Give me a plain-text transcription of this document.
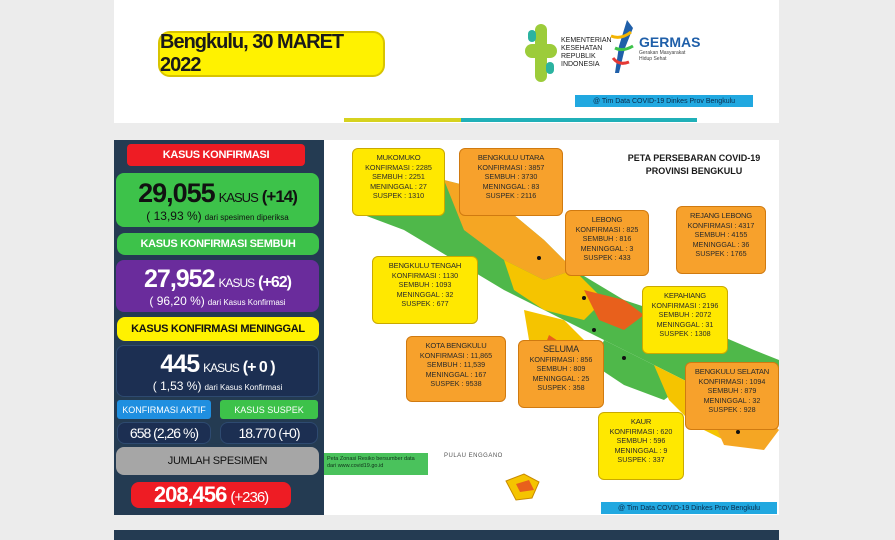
Bengkulu, 30 MARET 2022
KEMENTERIAN KESEHATAN REPUBLIK INDONESIA
GERMAS
Gerakan Masyarakat Hidup Sehat
@ Tim Data COVID-19 Dinkes Prov Bengkulu
KASUS KONFIRMASI
29,055 KASUS (+14)
( 13,93 %) dari spesimen diperiksa
KASUS KONFIRMASI SEMBUH
27,952 KASUS (+62)
( 96,20 %) dari Kasus Konfirmasi
KASUS KONFIRMASI MENINGGAL
445 KASUS (+ 0 )
( 1,53 %) dari Kasus Konfirmasi
KONFIRMASI AKTIF	KASUS SUSPEK
658 (2,26 %)	18.770 (+0)
JUMLAH SPESIMEN
208,456 (+236)
PETA PERSEBARAN COVID-19
PROVINSI BENGKULU
MUKOMUKO
KONFIRMASI : 2285
SEMBUH : 2251
MENINGGAL : 27
SUSPEK : 1310
BENGKULU UTARA
KONFIRMASI : 3857
SEMBUH : 3730
MENINGGAL : 83
SUSPEK : 2116
LEBONG
KONFIRMASI : 825
SEMBUH : 816
MENINGGAL : 3
SUSPEK : 433
REJANG LEBONG
KONFIRMASI : 4317
SEMBUH : 4155
MENINGGAL : 36
SUSPEK : 1765
BENGKULU TENGAH
KONFIRMASI : 1130
SEMBUH : 1093
MENINGGAL : 32
SUSPEK : 677
KEPAHIANG
KONFIRMASI : 2196
SEMBUH : 2072
MENINGGAL : 31
SUSPEK : 1308
KOTA BENGKULU
KONFIRMASI : 11,865
SEMBUH : 11,539
MENINGGAL : 167
SUSPEK : 9538
SELUMA
KONFIRMASI : 856
SEMBUH : 809
MENINGGAL : 25
SUSPEK : 358
BENGKULU SELATAN
KONFIRMASI : 1094
SEMBUH : 879
MENINGGAL : 32
SUSPEK : 928
KAUR
KONFIRMASI : 620
SEMBUH : 596
MENINGGAL : 9
SUSPEK : 337
Peta Zonasi Resiko bersumber data dari www.covid19.go.id
PULAU ENGGANO
@ Tim Data COVID-19 Dinkes Prov Bengkulu
